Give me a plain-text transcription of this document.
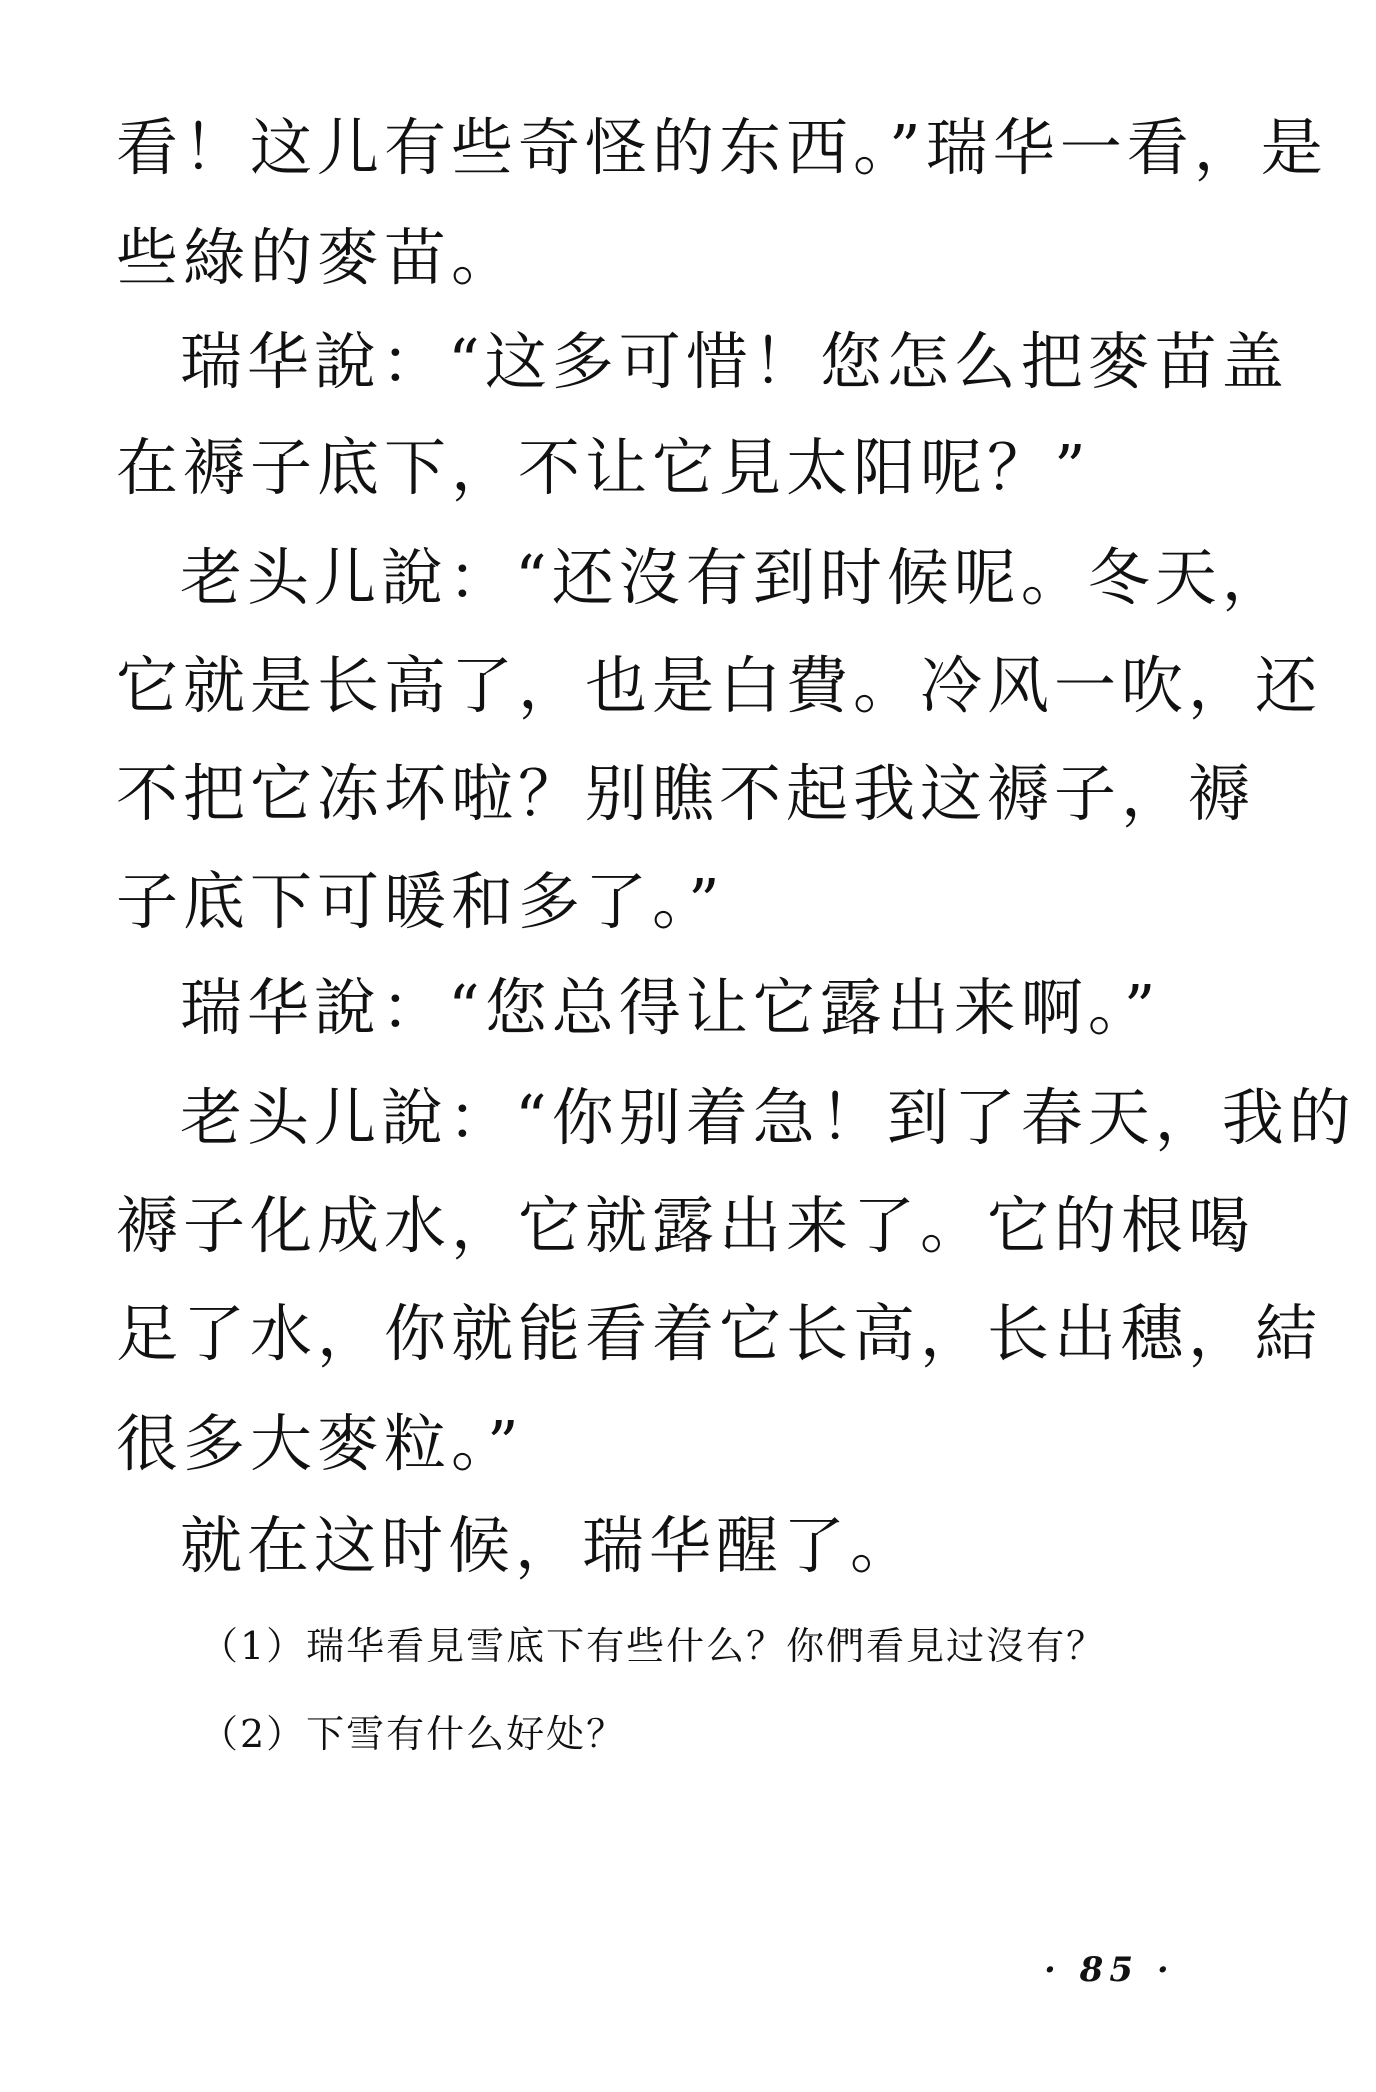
看！这儿有些奇怪的东西。”瑞华一看，是
些綠的麥苗。
瑞华說：“这多可惜！您怎么把麥苗盖
在褥子底下，不让它見太阳呢？”
老头儿說：“还沒有到时候呢。冬天，
它就是长高了，也是白費。冷风一吹，还
不把它冻坏啦？别瞧不起我这褥子，褥
子底下可暖和多了。”
瑞华說：“您总得让它露出来啊。”
老头儿說：“你别着急！到了春天，我的
褥子化成水，它就露出来了。它的根喝
足了水，你就能看着它长高，长出穗，結
很多大麥粒。”
就在这时候，瑞华醒了。
（1）瑞华看見雪底下有些什么？你們看見过沒有？
（2）下雪有什么好处？
· 85 ·
